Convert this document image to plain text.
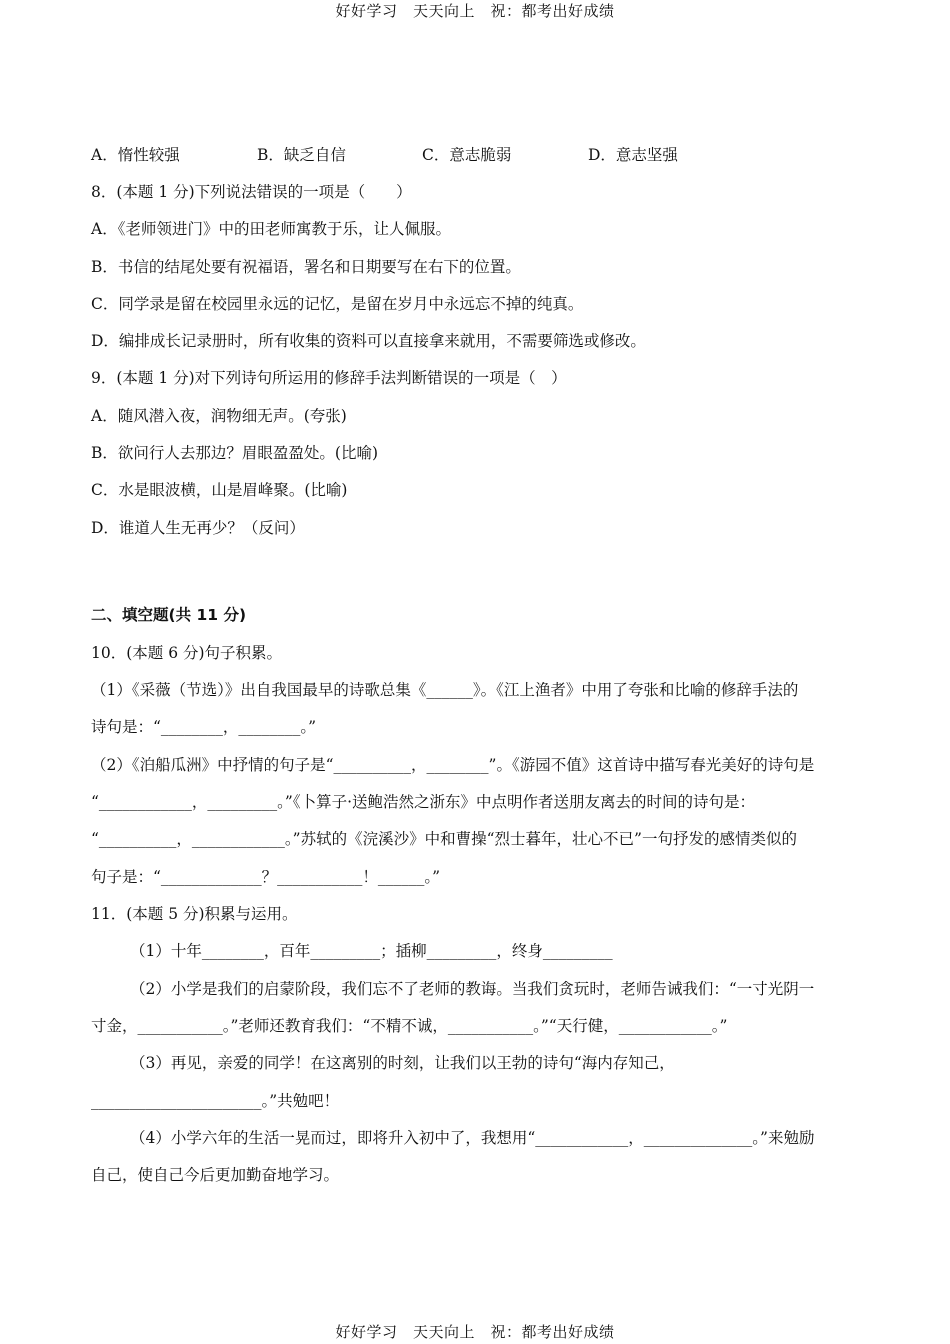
好好学习　天天向上　祝：都考出好成绩
A．惰性较强	B．缺乏自信	C．意志脆弱	D．意志坚强
8．(本题 1 分)下列说法错误的一项是（　　）
A．《老师领进门》中的田老师寓教于乐，让人佩服。
B．书信的结尾处要有祝福语，署名和日期要写在右下的位置。
C．同学录是留在校园里永远的记忆，是留在岁月中永远忘不掉的纯真。
D．编排成长记录册时，所有收集的资料可以直接拿来就用，不需要筛选或修改。
9．(本题 1 分)对下列诗句所运用的修辞手法判断错误的一项是（　）
A．随风潜入夜，润物细无声。(夸张)
B．欲问行人去那边？眉眼盈盈处。(比喻)
C．水是眼波横，山是眉峰聚。(比喻)
D．谁道人生无再少？（反问）
二、填空题(共 11 分)
10．(本题 6 分)句子积累。
（1）《采薇（节选）》出自我国最早的诗歌总集《______》。《江上渔者》中用了夸张和比喻的修辞手法的
诗句是：“________，________。”
（2）《泊船瓜洲》中抒情的句子是“__________，________”。《游园不值》这首诗中描写春光美好的诗句是
“____________，_________。”《卜算子·送鲍浩然之浙东》中点明作者送朋友离去的时间的诗句是：
“__________，____________。”苏轼的《浣溪沙》中和曹操“烈士暮年，壮心不已”一句抒发的感情类似的
句子是：“_____________？___________！______。”
11．(本题 5 分)积累与运用。
（1）十年________，百年_________；插柳_________，终身_________
（2）小学是我们的启蒙阶段，我们忘不了老师的教诲。当我们贪玩时，老师告诫我们：“一寸光阴一
寸金，___________。”老师还教育我们：“不精不诚，___________。”“天行健，____________。”
（3）再见，亲爱的同学！在这离别的时刻，让我们以王勃的诗句“海内存知己，
______________________。”共勉吧！
（4）小学六年的生活一晃而过，即将升入初中了，我想用“____________，______________。”来勉励
自己，使自己今后更加勤奋地学习。
好好学习　天天向上　祝：都考出好成绩
